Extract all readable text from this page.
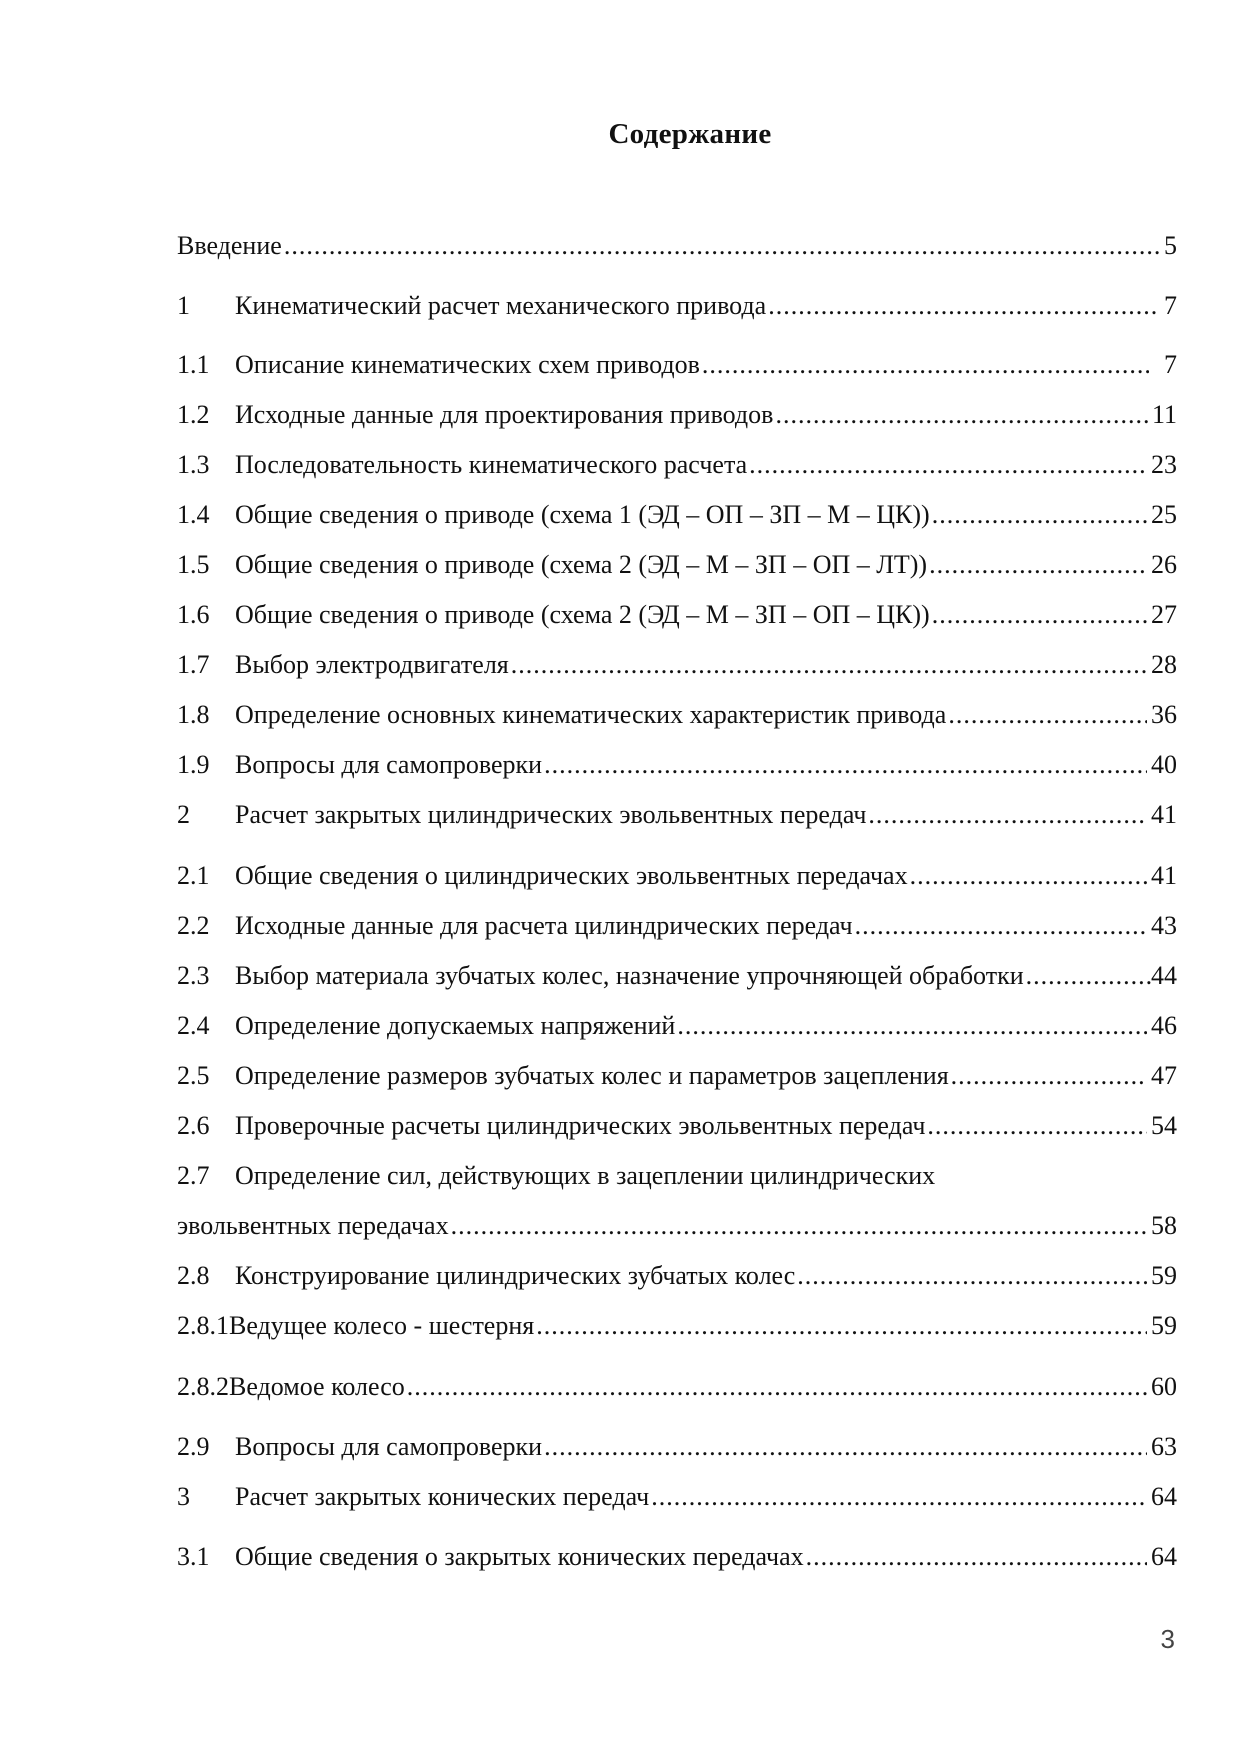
Содержание
Введение .....	5
1	Кинематический расчет механического привода .....	7
1.1 Описание кинематических схем приводов .....	7
1.2 Исходные данные для проектирования приводов .....	11
1.3 Последовательность кинематического расчета .....	23
1.4 Общие сведения о приводе (схема 1 (ЭД – ОП – ЗП – М – ЦК)) .....	25
1.5 Общие сведения о приводе (схема 2 (ЭД – М – ЗП – ОП – ЛТ)) .....	26
1.6 Общие сведения о приводе (схема 2 (ЭД – М – ЗП – ОП – ЦК)) .....	27
1.7 Выбор электродвигателя .....	28
1.8 Определение основных кинематических характеристик привода .....	36
1.9 Вопросы для самопроверки .....	40
2	Расчет закрытых цилиндрических эвольвентных передач .....	41
2.1 Общие сведения о цилиндрических эвольвентных передачах .....	41
2.2 Исходные данные для расчета цилиндрических передач .....	43
2.3 Выбор материала зубчатых колес, назначение упрочняющей обработки .....	44
2.4 Определение допускаемых напряжений .....	46
2.5 Определение размеров зубчатых колес и параметров зацепления .....	47
2.6 Проверочные расчеты цилиндрических эвольвентных передач .....	54
2.7 Определение сил, действующих в зацеплении цилиндрических
эвольвентных передачах .....	58
2.8 Конструирование цилиндрических зубчатых колес .....	59
2.8.1 Ведущее колесо - шестерня .....	59
2.8.2 Ведомое колесо .....	60
2.9 Вопросы для самопроверки .....	63
3	Расчет закрытых конических передач .....	64
3.1 Общие сведения о закрытых конических передачах .....	64
3
